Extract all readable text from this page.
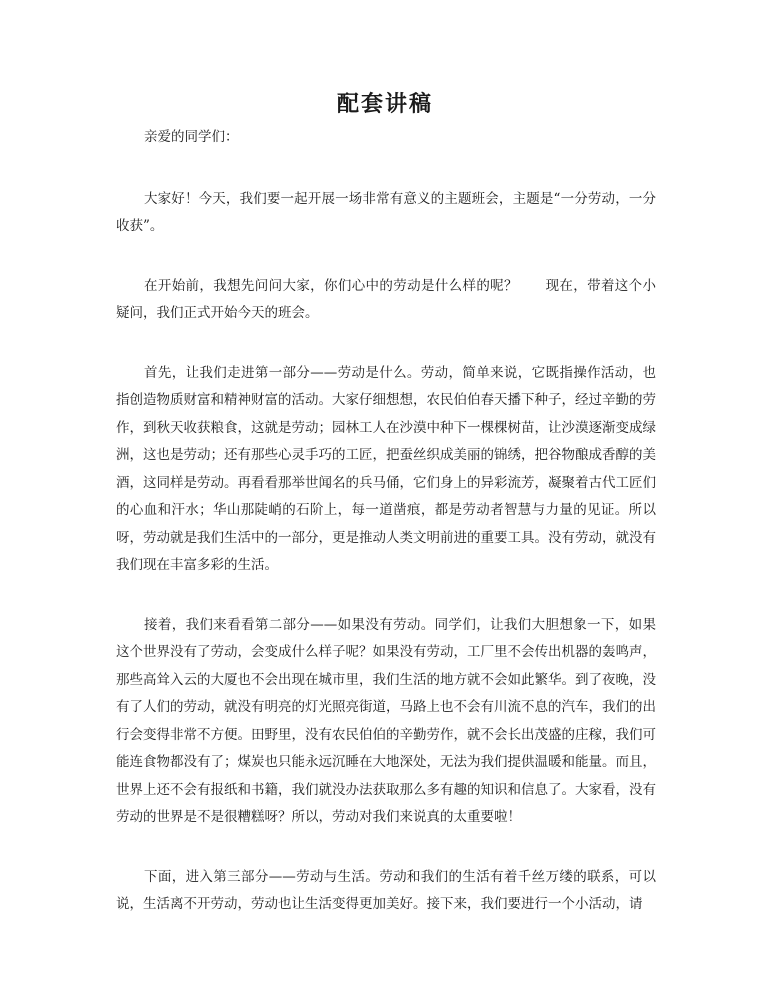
配套讲稿

亲爱的同学们：

大家好！今天，我们要一起开展一场非常有意义的主题班会，主题是“一分劳动，一分收获”。

在开始前，我想先问问大家，你们心中的劳动是什么样的呢？　　现在，带着这个小疑问，我们正式开始今天的班会。

首先，让我们走进第一部分——劳动是什么。劳动，简单来说，它既指操作活动，也指创造物质财富和精神财富的活动。大家仔细想想，农民伯伯春天播下种子，经过辛勤的劳作，到秋天收获粮食，这就是劳动；园林工人在沙漠中种下一棵棵树苗，让沙漠逐渐变成绿洲，这也是劳动；还有那些心灵手巧的工匠，把蚕丝织成美丽的锦绣，把谷物酿成香醇的美酒，这同样是劳动。再看看那举世闻名的兵马俑，它们身上的异彩流芳，凝聚着古代工匠们的心血和汗水；华山那陡峭的石阶上，每一道凿痕，都是劳动者智慧与力量的见证。所以呀，劳动就是我们生活中的一部分，更是推动人类文明前进的重要工具。没有劳动，就没有我们现在丰富多彩的生活。

接着，我们来看看第二部分——如果没有劳动。同学们，让我们大胆想象一下，如果这个世界没有了劳动，会变成什么样子呢？如果没有劳动，工厂里不会传出机器的轰鸣声，那些高耸入云的大厦也不会出现在城市里，我们生活的地方就不会如此繁华。到了夜晚，没有了人们的劳动，就没有明亮的灯光照亮街道，马路上也不会有川流不息的汽车，我们的出行会变得非常不方便。田野里，没有农民伯伯的辛勤劳作，就不会长出茂盛的庄稼，我们可能连食物都没有了；煤炭也只能永远沉睡在大地深处，无法为我们提供温暖和能量。而且，世界上还不会有报纸和书籍，我们就没办法获取那么多有趣的知识和信息了。大家看，没有劳动的世界是不是很糟糕呀？所以，劳动对我们来说真的太重要啦！

下面，进入第三部分——劳动与生活。劳动和我们的生活有着千丝万缕的联系，可以说，生活离不开劳动，劳动也让生活变得更加美好。接下来，我们要进行一个小活动，请
